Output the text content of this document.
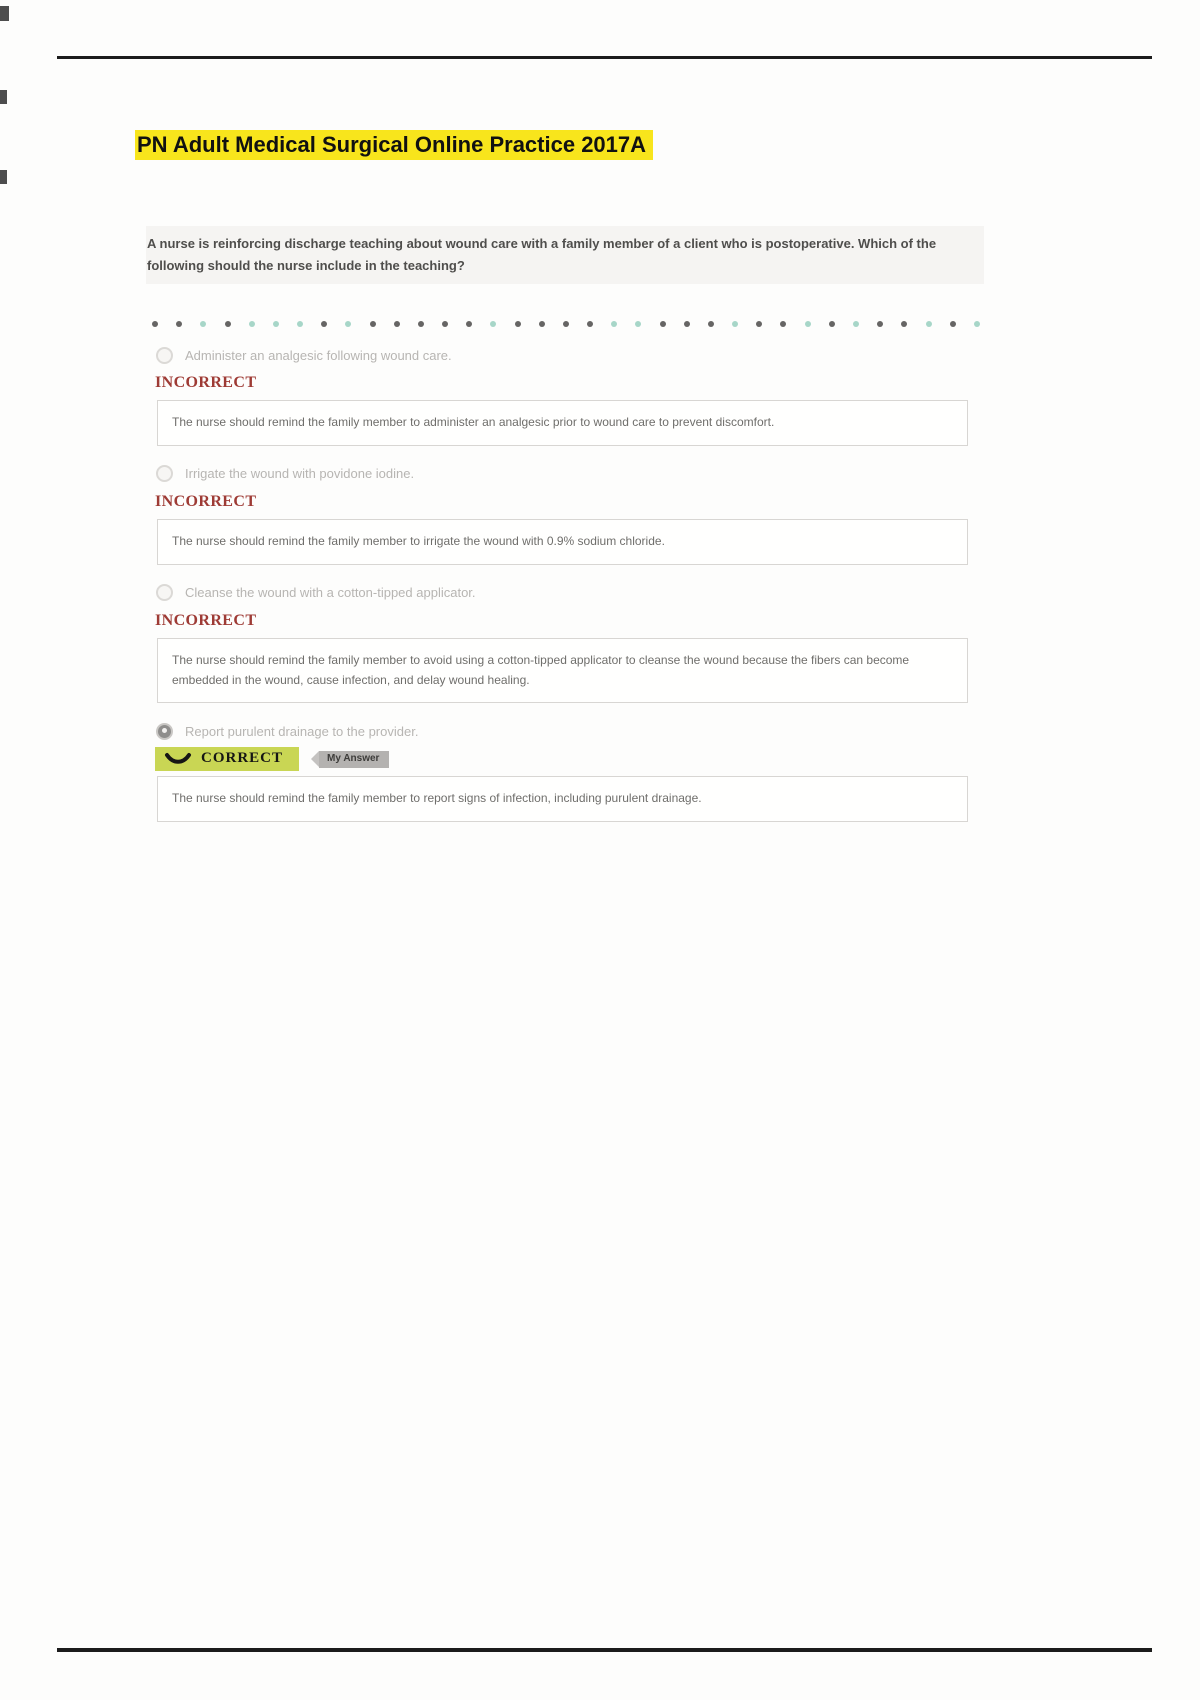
PN Adult Medical Surgical Online Practice 2017A

A nurse is reinforcing discharge teaching about wound care with a family member of a client who is postoperative. Which of the following should the nurse include in the teaching?

Administer an analgesic following wound care.
INCORRECT

The nurse should remind the family member to administer an analgesic prior to wound care to prevent discomfort.

Irrigate the wound with povidone iodine.
INCORRECT

The nurse should remind the family member to irrigate the wound with 0.9% sodium chloride.

Cleanse the wound with a cotton-tipped applicator.
INCORRECT

The nurse should remind the family member to avoid using a cotton-tipped applicator to cleanse the wound because the fibers can become embedded in the wound, cause infection, and delay wound healing.

Report purulent drainage to the provider.
CORRECT	My Answer

The nurse should remind the family member to report signs of infection, including purulent drainage.
